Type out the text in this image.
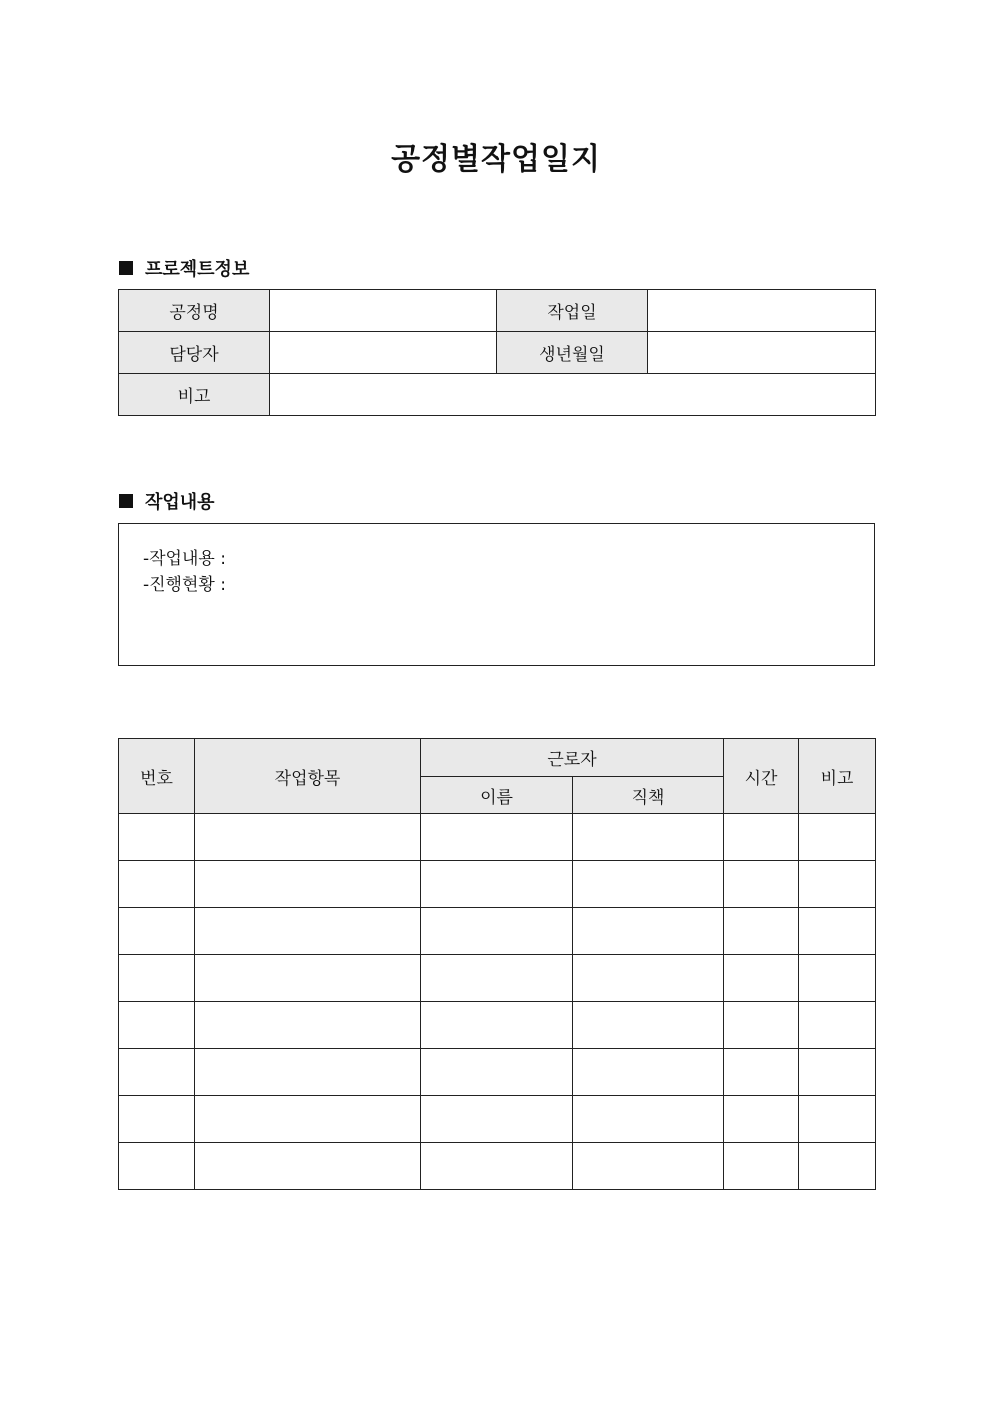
공정별작업일지
프로젝트정보
공정명		작업일	
담당자		생년월일	
비고			
작업내용
-작업내용 :
-진행현황 :
번호	작업항목	근로자		시간	비고
		이름	직책		
